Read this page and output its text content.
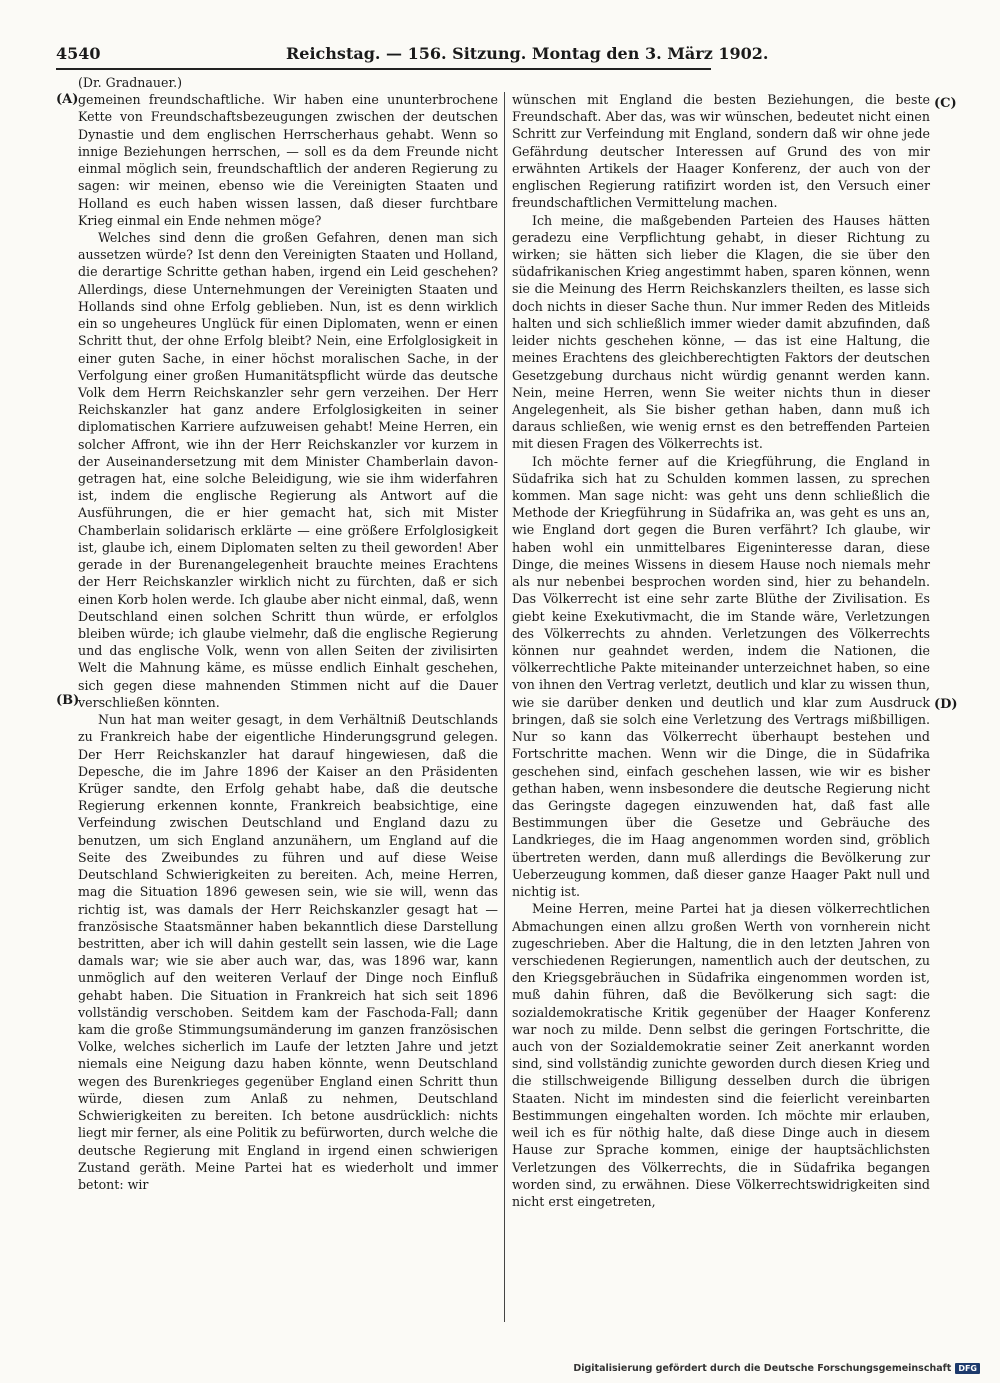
4540	Reichstag. — 156. Sitzung. Montag den 3. März 1902.
(A)
(B)
(C)
(D)

(Dr. Gradnauer.)

gemeinen freundschaftliche. Wir haben eine ununterbrochene Kette von Freundschaftsbezeugungen zwischen der deutschen Dynastie und dem englischen Herrscherhaus gehabt. Wenn so innige Beziehungen herrschen, — soll es da dem Freunde nicht einmal möglich sein, freundschaftlich der anderen Regierung zu sagen: wir meinen, ebenso wie die Vereinigten Staaten und Holland es euch haben wissen lassen, daß dieser furchtbare Krieg einmal ein Ende nehmen möge?

Welches sind denn die großen Gefahren, denen man sich aussetzen würde? Ist denn den Vereinigten Staaten und Holland, die derartige Schritte gethan haben, irgend ein Leid geschehen? Allerdings, diese Unternehmungen der Vereinigten Staaten und Hollands sind ohne Erfolg geblieben. Nun, ist es denn wirklich ein so ungeheures Unglück für einen Diplomaten, wenn er einen Schritt thut, der ohne Erfolg bleibt? Nein, eine Erfolglosigkeit in einer guten Sache, in einer höchst moralischen Sache, in der Verfolgung einer großen Humanitätspflicht würde das deutsche Volk dem Herrn Reichskanzler sehr gern verzeihen. Der Herr Reichskanzler hat ganz andere Erfolglosigkeiten in seiner diplomatischen Karriere aufzuweisen gehabt! Meine Herren, ein solcher Affront, wie ihn der Herr Reichskanzler vor kurzem in der Auseinandersetzung mit dem Minister Chamberlain davongetragen hat, eine solche Beleidigung, wie sie ihm widerfahren ist, indem die englische Regierung als Antwort auf die Ausführungen, die er hier gemacht hat, sich mit Mister Chamberlain solidarisch erklärte — eine größere Erfolglosigkeit ist, glaube ich, einem Diplomaten selten zu theil geworden! Aber gerade in der Burenangelegenheit brauchte meines Erachtens der Herr Reichskanzler wirklich nicht zu fürchten, daß er sich einen Korb holen werde. Ich glaube aber nicht einmal, daß, wenn Deutschland einen solchen Schritt thun würde, er erfolglos bleiben würde; ich glaube vielmehr, daß die englische Regierung und das englische Volk, wenn von allen Seiten der zivilisirten Welt die Mahnung käme, es müsse endlich Einhalt geschehen, sich gegen diese mahnenden Stimmen nicht auf die Dauer verschließen könnten.

Nun hat man weiter gesagt, in dem Verhältniß Deutschlands zu Frankreich habe der eigentliche Hinderungsgrund gelegen. Der Herr Reichskanzler hat darauf hingewiesen, daß die Depesche, die im Jahre 1896 der Kaiser an den Präsidenten Krüger sandte, den Erfolg gehabt habe, daß die deutsche Regierung erkennen konnte, Frankreich beabsichtige, eine Verfeindung zwischen Deutschland und England dazu zu benutzen, um sich England anzunähern, um England auf die Seite des Zweibundes zu führen und auf diese Weise Deutschland Schwierigkeiten zu bereiten. Ach, meine Herren, mag die Situation 1896 gewesen sein, wie sie will, wenn das richtig ist, was damals der Herr Reichskanzler gesagt hat — französische Staatsmänner haben bekanntlich diese Darstellung bestritten, aber ich will dahin gestellt sein lassen, wie die Lage damals war; wie sie aber auch war, das, was 1896 war, kann unmöglich auf den weiteren Verlauf der Dinge noch Einfluß gehabt haben. Die Situation in Frankreich hat sich seit 1896 vollständig verschoben. Seitdem kam der Faschoda-Fall; dann kam die große Stimmungsumänderung im ganzen französischen Volke, welches sicherlich im Laufe der letzten Jahre und jetzt niemals eine Neigung dazu haben könnte, wenn Deutschland wegen des Burenkrieges gegenüber England einen Schritt thun würde, diesen zum Anlaß zu nehmen, Deutschland Schwierigkeiten zu bereiten. Ich betone ausdrücklich: nichts liegt mir ferner, als eine Politik zu befürworten, durch welche die deutsche Regierung mit England in irgend einen schwierigen Zustand geräth. Meine Partei hat es wiederholt und immer betont: wir

wünschen mit England die besten Beziehungen, die beste Freundschaft. Aber das, was wir wünschen, bedeutet nicht einen Schritt zur Verfeindung mit England, sondern daß wir ohne jede Gefährdung deutscher Interessen auf Grund des von mir erwähnten Artikels der Haager Konferenz, der auch von der englischen Regierung ratifizirt worden ist, den Versuch einer freundschaftlichen Vermittelung machen.

Ich meine, die maßgebenden Parteien des Hauses hätten geradezu eine Verpflichtung gehabt, in dieser Richtung zu wirken; sie hätten sich lieber die Klagen, die sie über den südafrikanischen Krieg angestimmt haben, sparen können, wenn sie die Meinung des Herrn Reichskanzlers theilten, es lasse sich doch nichts in dieser Sache thun. Nur immer Reden des Mitleids halten und sich schließlich immer wieder damit abzufinden, daß leider nichts geschehen könne, — das ist eine Haltung, die meines Erachtens des gleichberechtigten Faktors der deutschen Gesetzgebung durchaus nicht würdig genannt werden kann. Nein, meine Herren, wenn Sie weiter nichts thun in dieser Angelegenheit, als Sie bisher gethan haben, dann muß ich daraus schließen, wie wenig ernst es den betreffenden Parteien mit diesen Fragen des Völkerrechts ist.

Ich möchte ferner auf die Kriegführung, die England in Südafrika sich hat zu Schulden kommen lassen, zu sprechen kommen. Man sage nicht: was geht uns denn schließlich die Methode der Kriegführung in Südafrika an, was geht es uns an, wie England dort gegen die Buren verfährt? Ich glaube, wir haben wohl ein unmittelbares Eigeninteresse daran, diese Dinge, die meines Wissens in diesem Hause noch niemals mehr als nur nebenbei besprochen worden sind, hier zu behandeln. Das Völkerrecht ist eine sehr zarte Blüthe der Zivilisation. Es giebt keine Exekutivmacht, die im Stande wäre, Verletzungen des Völkerrechts zu ahnden. Verletzungen des Völkerrechts können nur geahndet werden, indem die Nationen, die völkerrechtliche Pakte miteinander unterzeichnet haben, so eine von ihnen den Vertrag verletzt, deutlich und klar zu wissen thun, wie sie darüber denken und deutlich und klar zum Ausdruck bringen, daß sie solch eine Verletzung des Vertrags mißbilligen. Nur so kann das Völkerrecht überhaupt bestehen und Fortschritte machen. Wenn wir die Dinge, die in Südafrika geschehen sind, einfach geschehen lassen, wie wir es bisher gethan haben, wenn insbesondere die deutsche Regierung nicht das Geringste dagegen einzuwenden hat, daß fast alle Bestimmungen über die Gesetze und Gebräuche des Landkrieges, die im Haag angenommen worden sind, gröblich übertreten werden, dann muß allerdings die Bevölkerung zur Ueberzeugung kommen, daß dieser ganze Haager Pakt null und nichtig ist.

Meine Herren, meine Partei hat ja diesen völkerrechtlichen Abmachungen einen allzu großen Werth von vornherein nicht zugeschrieben. Aber die Haltung, die in den letzten Jahren von verschiedenen Regierungen, namentlich auch der deutschen, zu den Kriegsgebräuchen in Südafrika eingenommen worden ist, muß dahin führen, daß die Bevölkerung sich sagt: die sozialdemokratische Kritik gegenüber der Haager Konferenz war noch zu milde. Denn selbst die geringen Fortschritte, die auch von der Sozialdemokratie seiner Zeit anerkannt worden sind, sind vollständig zunichte geworden durch diesen Krieg und die stillschweigende Billigung desselben durch die übrigen Staaten. Nicht im mindesten sind die feierlicht vereinbarten Bestimmungen eingehalten worden. Ich möchte mir erlauben, weil ich es für nöthig halte, daß diese Dinge auch in diesem Hause zur Sprache kommen, einige der hauptsächlichsten Verletzungen des Völkerrechts, die in Südafrika begangen worden sind, zu erwähnen. Diese Völkerrechtswidrigkeiten sind nicht erst eingetreten,

Digitalisierung gefördert durch die Deutsche Forschungsgemeinschaft DFG
